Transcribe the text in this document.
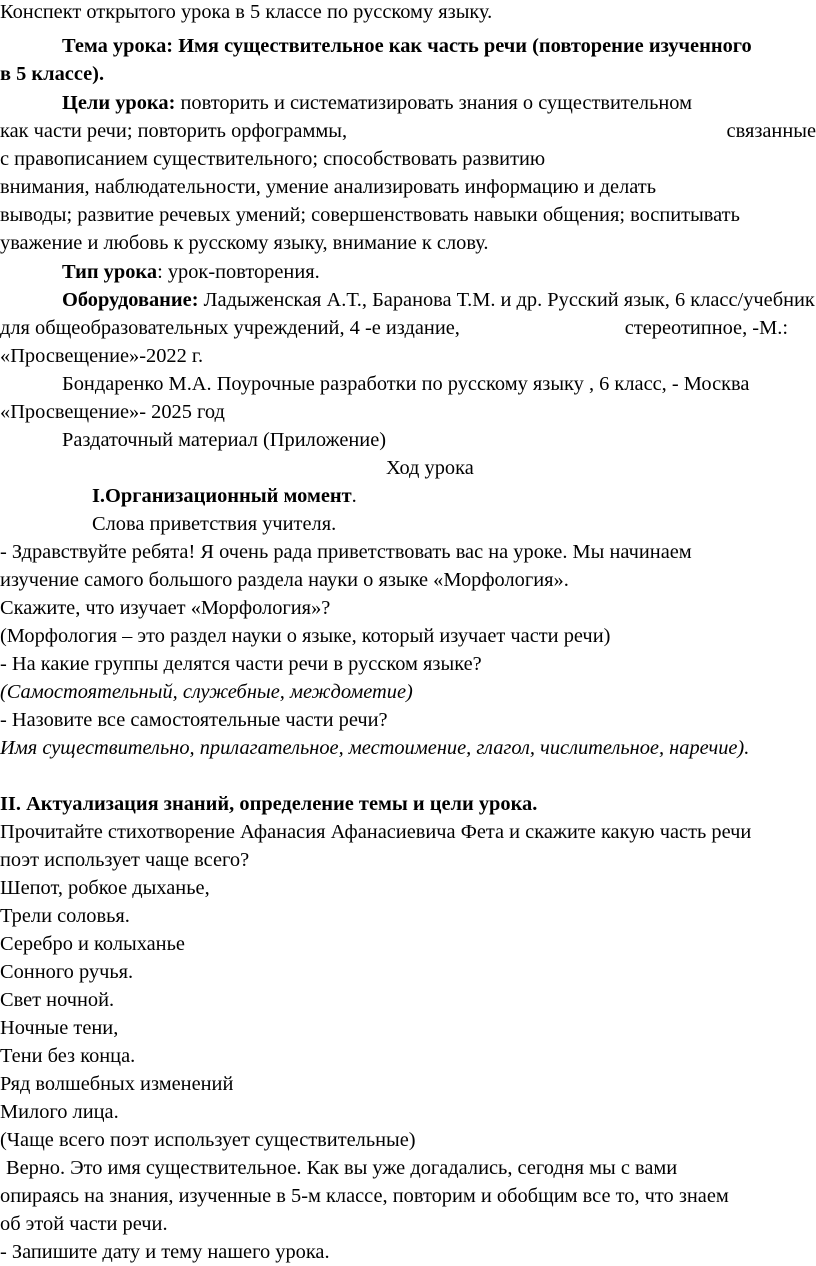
Конспект открытого урока в 5 классе по русскому языку.
Тема урока: Имя существительное как часть речи (повторение изученного
в 5 классе).
Цели урока: повторить и систематизировать знания о существительном
как части речи; повторить орфограммы,	связанные
с правописанием существительного; способствовать развитию
внимания, наблюдательности, умение анализировать информацию и делать
выводы; развитие речевых умений; совершенствовать навыки общения; воспитывать
уважение и любовь к русскому языку, внимание к слову.
Тип урока: урок-повторения.
Оборудование: Ладыженская А.Т., Баранова Т.М. и др. Русский язык, 6 класс/учебник
для общеобразовательных учреждений, 4 -е издание,	стереотипное, -М.:
«Просвещение»-2022 г.
Бондаренко М.А. Поурочные разработки по русскому языку , 6 класс, - Москва
«Просвещение»- 2025 год
Раздаточный материал (Приложение)
Ход урока
I.Организационный момент.
Слова приветствия учителя.
- Здравствуйте ребята! Я очень рада приветствовать вас на уроке. Мы начинаем
изучение самого большого раздела науки о языке «Морфология».
Скажите, что изучает «Морфология»?
(Морфология – это раздел науки о языке, который изучает части речи)
- На какие группы делятся части речи в русском языке?
(Самостоятельный, служебные, междометие)
- Назовите все самостоятельные части речи?
Имя существительно, прилагательное, местоимение, глагол, числительное, наречие).
II. Актуализация знаний, определение темы и цели урока.
Прочитайте стихотворение Афанасия Афанасиевича Фета и скажите какую часть речи
поэт использует чаще всего?
Шепот, робкое дыханье,
Трели соловья.
Серебро и колыханье
Сонного ручья.
Свет ночной.
Ночные тени,
Тени без конца.
Ряд волшебных изменений
Милого лица.
(Чаще всего поэт использует существительные)
Верно. Это имя существительное. Как вы уже догадались, сегодня мы с вами
опираясь на знания, изученные в 5-м классе, повторим и обобщим все то, что знаем
об этой части речи.
- Запишите дату и тему нашего урока.
